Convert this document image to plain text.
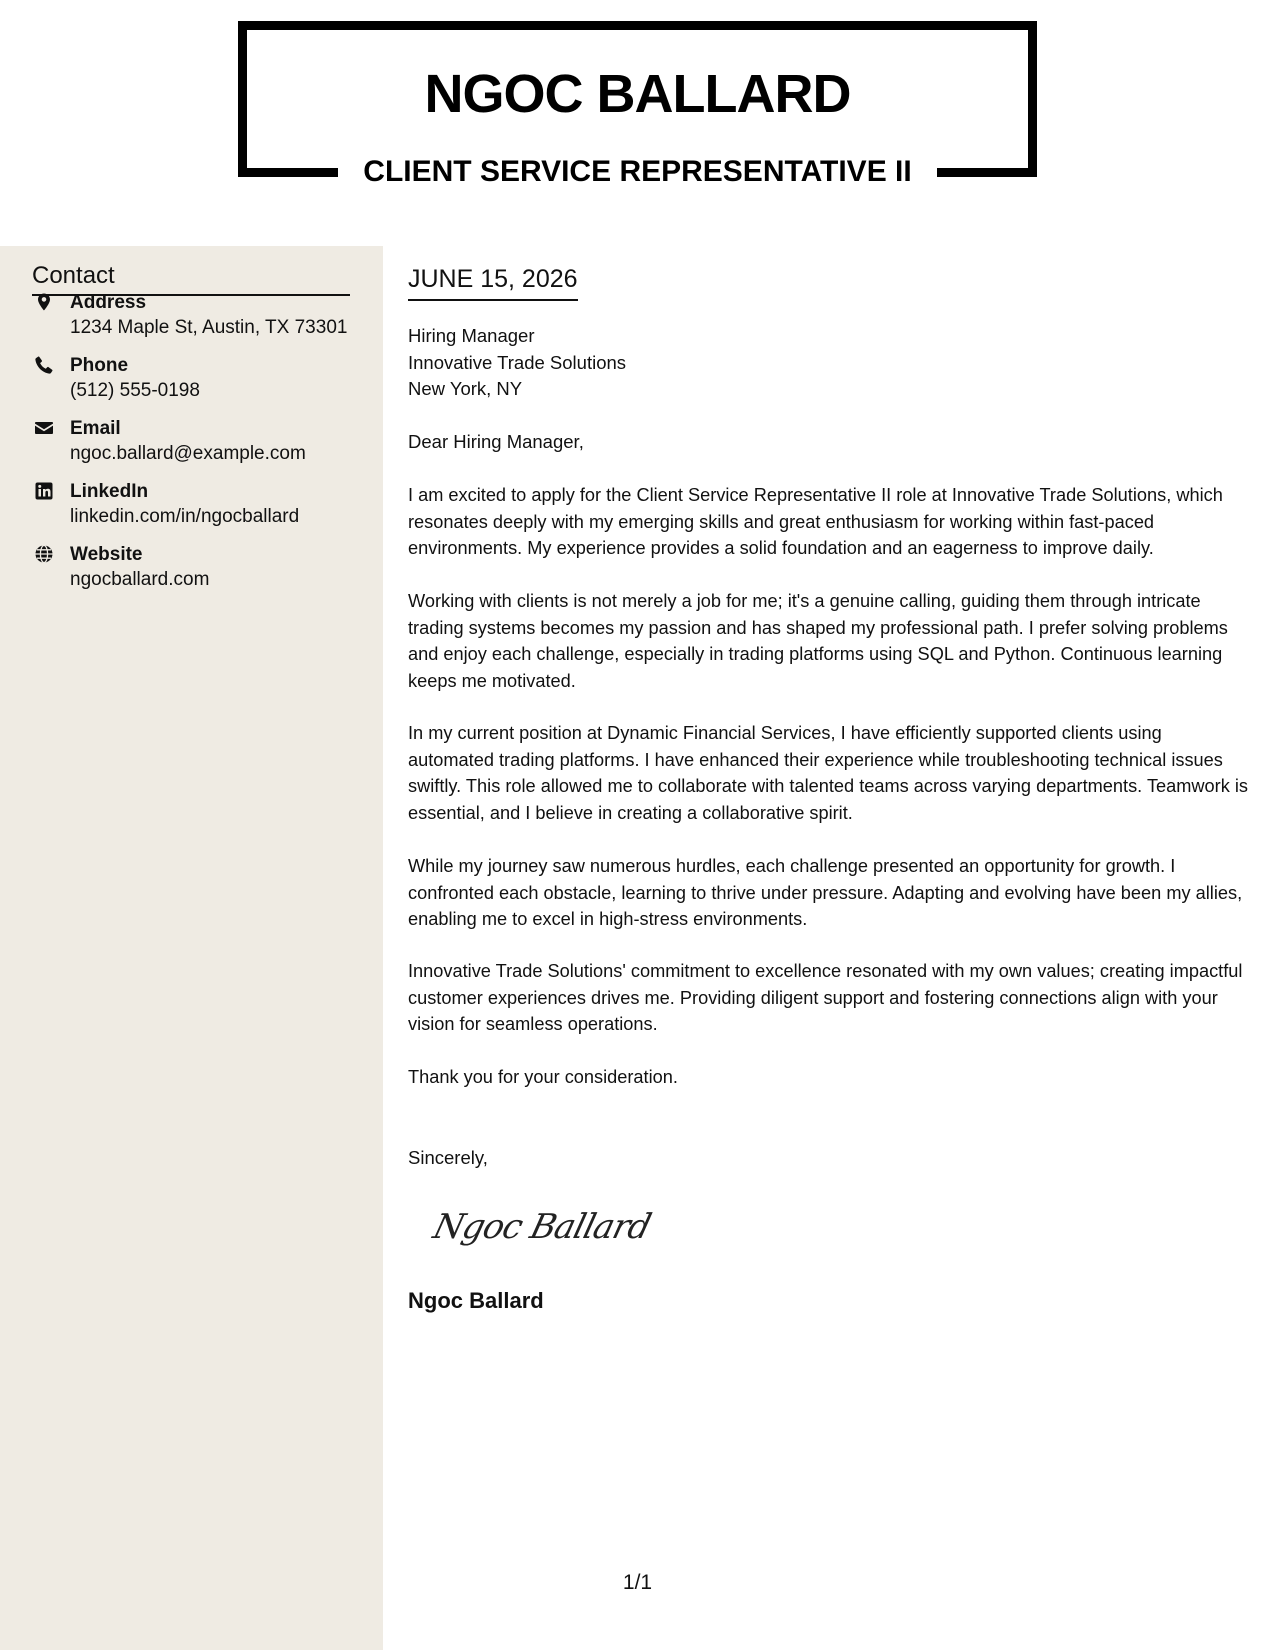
NGOC BALLARD
CLIENT SERVICE REPRESENTATIVE II
Contact
Address
1234 Maple St, Austin, TX 73301
Phone
(512) 555-0198
Email
ngoc.ballard@example.com
LinkedIn
linkedin.com/in/ngocballard
Website
ngocballard.com
JUNE 15, 2026
Hiring Manager
Innovative Trade Solutions
New York, NY
Dear Hiring Manager,
I am excited to apply for the Client Service Representative II role at Innovative Trade Solutions, which resonates deeply with my emerging skills and great enthusiasm for working within fast-paced environments. My experience provides a solid foundation and an eagerness to improve daily.
Working with clients is not merely a job for me; it's a genuine calling, guiding them through intricate trading systems becomes my passion and has shaped my professional path. I prefer solving problems and enjoy each challenge, especially in trading platforms using SQL and Python. Continuous learning keeps me motivated.
In my current position at Dynamic Financial Services, I have efficiently supported clients using automated trading platforms. I have enhanced their experience while troubleshooting technical issues swiftly. This role allowed me to collaborate with talented teams across varying departments. Teamwork is essential, and I believe in creating a collaborative spirit.
While my journey saw numerous hurdles, each challenge presented an opportunity for growth. I confronted each obstacle, learning to thrive under pressure. Adapting and evolving have been my allies, enabling me to excel in high-stress environments.
Innovative Trade Solutions' commitment to excellence resonated with my own values; creating impactful customer experiences drives me. Providing diligent support and fostering connections align with your vision for seamless operations.
Thank you for your consideration.
Sincerely,
Ngoc Ballard
Ngoc Ballard
1/1
